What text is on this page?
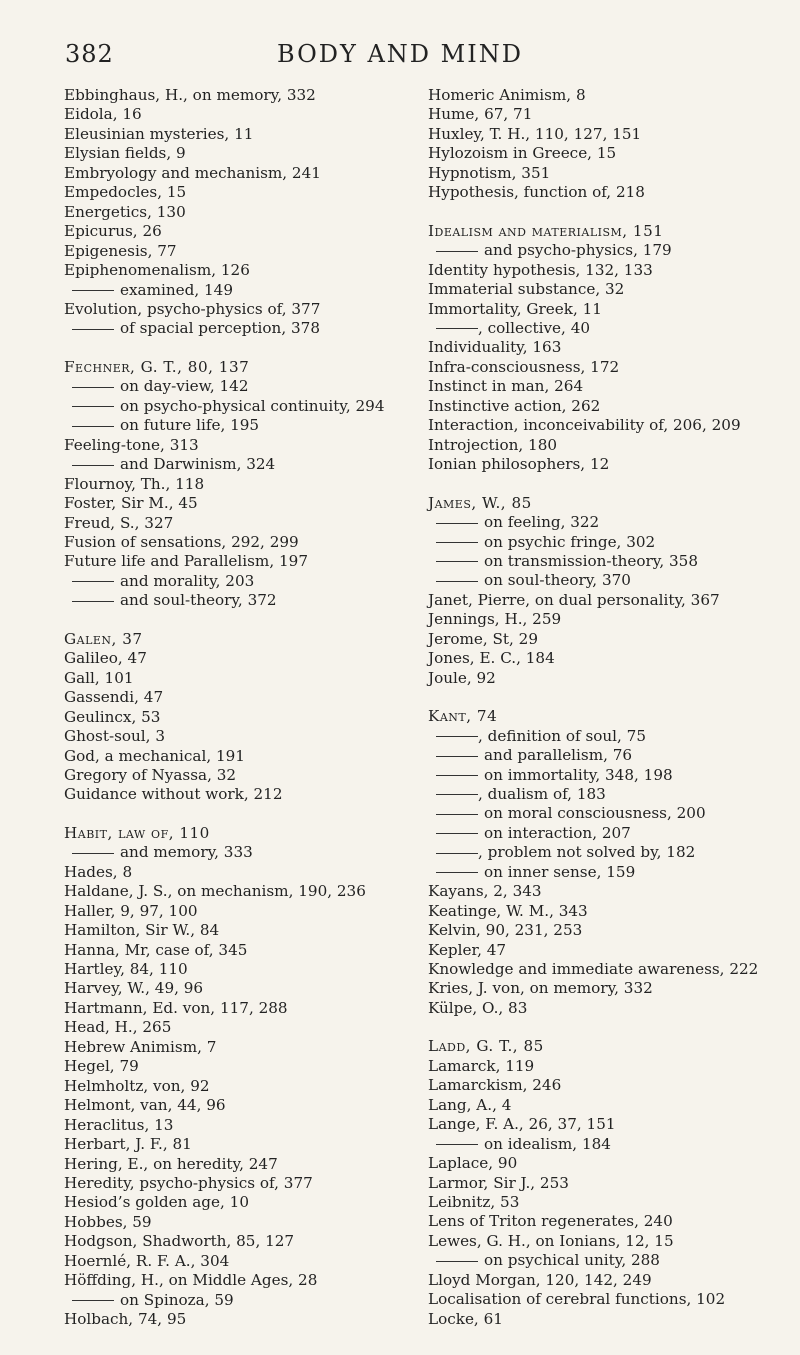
382	BODY AND MIND
Ebbinghaus, H., on memory, 332
Eidola, 16
Eleusinian mysteries, 11
Elysian fields, 9
Embryology and mechanism, 241
Empedocles, 15
Energetics, 130
Epicurus, 26
Epigenesis, 77
Epiphenomenalism, 126
examined, 149
Evolution, psycho-physics of, 377
of spacial perception, 378
Fechner, G. T., 80, 137
on day-view, 142
on psycho-physical continuity, 294
on future life, 195
Feeling-tone, 313
and Darwinism, 324
Flournoy, Th., 118
Foster, Sir M., 45
Freud, S., 327
Fusion of sensations, 292, 299
Future life and Parallelism, 197
and morality, 203
and soul-theory, 372
Galen, 37
Galileo, 47
Gall, 101
Gassendi, 47
Geulincx, 53
Ghost-soul, 3
God, a mechanical, 191
Gregory of Nyassa, 32
Guidance without work, 212
Habit, law of, 110
and memory, 333
Hades, 8
Haldane, J. S., on mechanism, 190, 236
Haller, 9, 97, 100
Hamilton, Sir W., 84
Hanna, Mr, case of, 345
Hartley, 84, 110
Harvey, W., 49, 96
Hartmann, Ed. von, 117, 288
Head, H., 265
Hebrew Animism, 7
Hegel, 79
Helmholtz, von, 92
Helmont, van, 44, 96
Heraclitus, 13
Herbart, J. F., 81
Hering, E., on heredity, 247
Heredity, psycho-physics of, 377
Hesiod’s golden age, 10
Hobbes, 59
Hodgson, Shadworth, 85, 127
Hoernlé, R. F. A., 304
Höffding, H., on Middle Ages, 28
on Spinoza, 59
Holbach, 74, 95
Homeric Animism, 8
Hume, 67, 71
Huxley, T. H., 110, 127, 151
Hylozoism in Greece, 15
Hypnotism, 351
Hypothesis, function of, 218
Idealism and materialism, 151
and psycho-physics, 179
Identity hypothesis, 132, 133
Immaterial substance, 32
Immortality, Greek, 11
, collective, 40
Individuality, 163
Infra-consciousness, 172
Instinct in man, 264
Instinctive action, 262
Interaction, inconceivability of, 206, 209
Introjection, 180
Ionian philosophers, 12
James, W., 85
on feeling, 322
on psychic fringe, 302
on transmission-theory, 358
on soul-theory, 370
Janet, Pierre, on dual personality, 367
Jennings, H., 259
Jerome, St, 29
Jones, E. C., 184
Joule, 92
Kant, 74
, definition of soul, 75
and parallelism, 76
on immortality, 348, 198
, dualism of, 183
on moral consciousness, 200
on interaction, 207
, problem not solved by, 182
on inner sense, 159
Kayans, 2, 343
Keatinge, W. M., 343
Kelvin, 90, 231, 253
Kepler, 47
Knowledge and immediate awareness, 222
Kries, J. von, on memory, 332
Külpe, O., 83
Ladd, G. T., 85
Lamarck, 119
Lamarckism, 246
Lang, A., 4
Lange, F. A., 26, 37, 151
on idealism, 184
Laplace, 90
Larmor, Sir J., 253
Leibnitz, 53
Lens of Triton regenerates, 240
Lewes, G. H., on Ionians, 12, 15
on psychical unity, 288
Lloyd Morgan, 120, 142, 249
Localisation of cerebral functions, 102
Locke, 61
